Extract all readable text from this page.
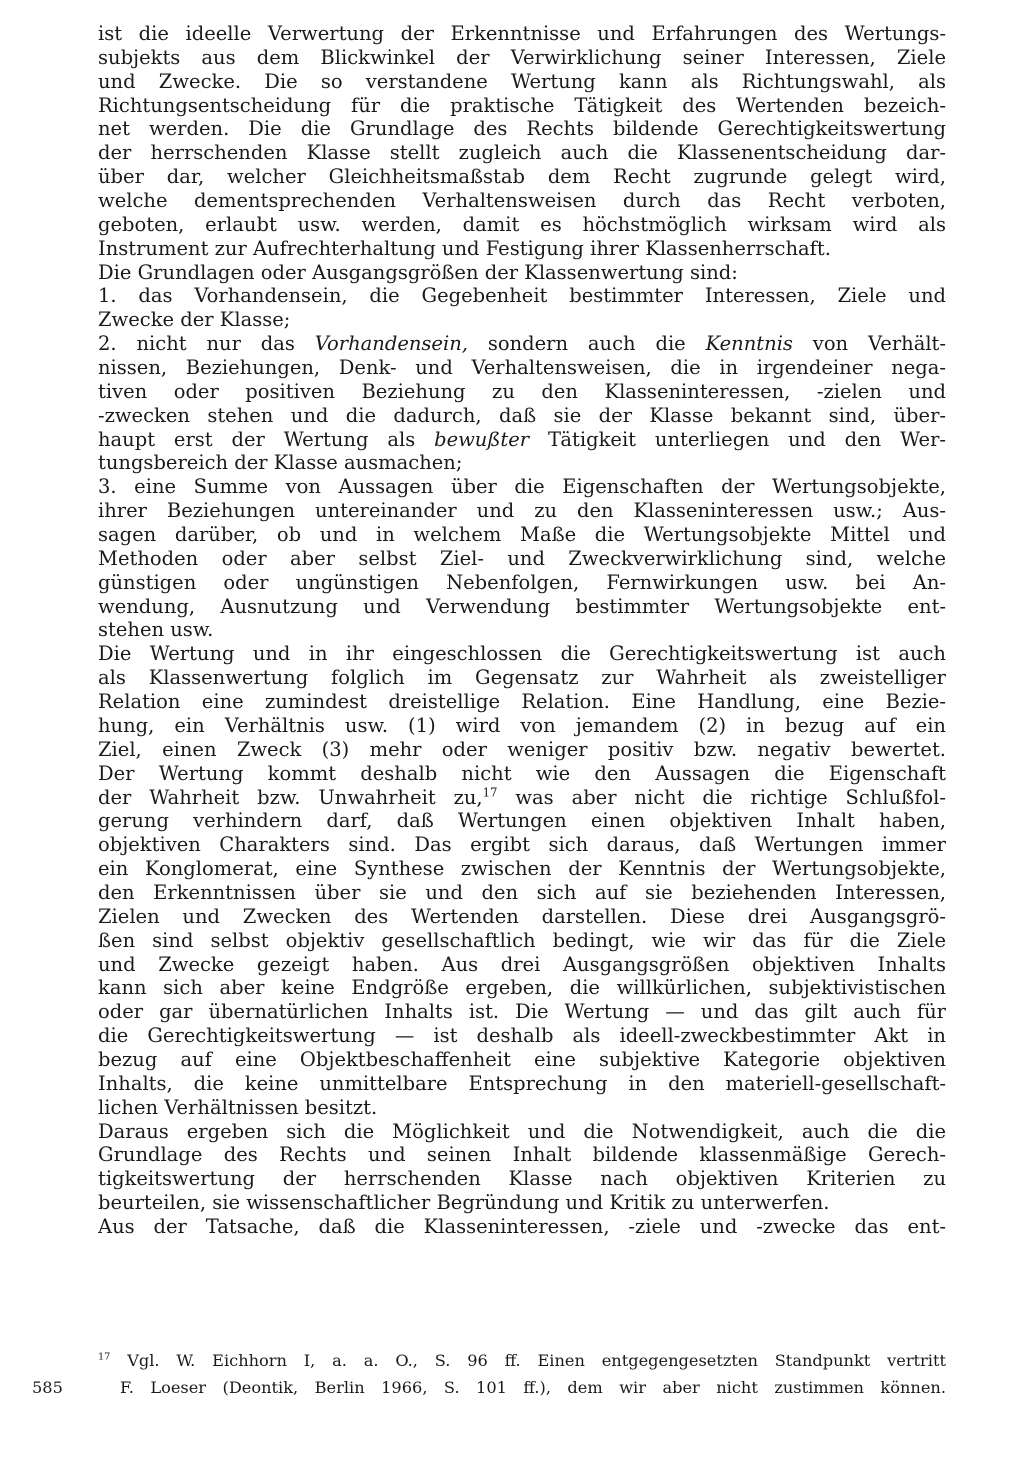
ist die ideelle Verwertung der Erkenntnisse und Erfahrungen des Wertungs-
subjekts aus dem Blickwinkel der Verwirklichung seiner Interessen, Ziele
und Zwecke. Die so verstandene Wertung kann als Richtungswahl, als
Richtungsentscheidung für die praktische Tätigkeit des Wertenden bezeich-
net werden. Die die Grundlage des Rechts bildende Gerechtigkeitswertung
der herrschenden Klasse stellt zugleich auch die Klassenentscheidung dar-
über dar, welcher Gleichheitsmaßstab dem Recht zugrunde gelegt wird,
welche dementsprechenden Verhaltensweisen durch das Recht verboten,
geboten, erlaubt usw. werden, damit es höchstmöglich wirksam wird als
Instrument zur Aufrechterhaltung und Festigung ihrer Klassenherrschaft.
Die Grundlagen oder Ausgangsgrößen der Klassenwertung sind:
1. das Vorhandensein, die Gegebenheit bestimmter Interessen, Ziele und
Zwecke der Klasse;
2. nicht nur das Vorhandensein, sondern auch die Kenntnis von Verhält-
nissen, Beziehungen, Denk- und Verhaltensweisen, die in irgendeiner nega-
tiven oder positiven Beziehung zu den Klasseninteressen, -zielen und
-zwecken stehen und die dadurch, daß sie der Klasse bekannt sind, über-
haupt erst der Wertung als bewußter Tätigkeit unterliegen und den Wer-
tungsbereich der Klasse ausmachen;
3. eine Summe von Aussagen über die Eigenschaften der Wertungsobjekte,
ihrer Beziehungen untereinander und zu den Klasseninteressen usw.; Aus-
sagen darüber, ob und in welchem Maße die Wertungsobjekte Mittel und
Methoden oder aber selbst Ziel- und Zweckverwirklichung sind, welche
günstigen oder ungünstigen Nebenfolgen, Fernwirkungen usw. bei An-
wendung, Ausnutzung und Verwendung bestimmter Wertungsobjekte ent-
stehen usw.
Die Wertung und in ihr eingeschlossen die Gerechtigkeitswertung ist auch
als Klassenwertung folglich im Gegensatz zur Wahrheit als zweistelliger
Relation eine zumindest dreistellige Relation. Eine Handlung, eine Bezie-
hung, ein Verhältnis usw. (1) wird von jemandem (2) in bezug auf ein
Ziel, einen Zweck (3) mehr oder weniger positiv bzw. negativ bewertet.
Der Wertung kommt deshalb nicht wie den Aussagen die Eigenschaft
der Wahrheit bzw. Unwahrheit zu,$^{17}$ was aber nicht die richtige Schlußfol-
gerung verhindern darf, daß Wertungen einen objektiven Inhalt haben,
objektiven Charakters sind. Das ergibt sich daraus, daß Wertungen immer
ein Konglomerat, eine Synthese zwischen der Kenntnis der Wertungsobjekte,
den Erkenntnissen über sie und den sich auf sie beziehenden Interessen,
Zielen und Zwecken des Wertenden darstellen. Diese drei Ausgangsgrö-
ßen sind selbst objektiv gesellschaftlich bedingt, wie wir das für die Ziele
und Zwecke gezeigt haben. Aus drei Ausgangsgrößen objektiven Inhalts
kann sich aber keine Endgröße ergeben, die willkürlichen, subjektivistischen
oder gar übernatürlichen Inhalts ist. Die Wertung — und das gilt auch für
die Gerechtigkeitswertung — ist deshalb als ideell-zweckbestimmter Akt in
bezug auf eine Objektbeschaffenheit eine subjektive Kategorie objektiven
Inhalts, die keine unmittelbare Entsprechung in den materiell-gesellschaft-
lichen Verhältnissen besitzt.
Daraus ergeben sich die Möglichkeit und die Notwendigkeit, auch die die
Grundlage des Rechts und seinen Inhalt bildende klassenmäßige Gerech-
tigkeitswertung der herrschenden Klasse nach objektiven Kriterien zu
beurteilen, sie wissenschaftlicher Begründung und Kritik zu unterwerfen.
Aus der Tatsache, daß die Klasseninteressen, -ziele und -zwecke das ent-
$^{17}$ Vgl. W. Eichhorn I, a. a. O., S. 96 ff. Einen entgegengesetzten Standpunkt vertritt
F. Loeser (Deontik, Berlin 1966, S. 101 ff.), dem wir aber nicht zustimmen können.
585
